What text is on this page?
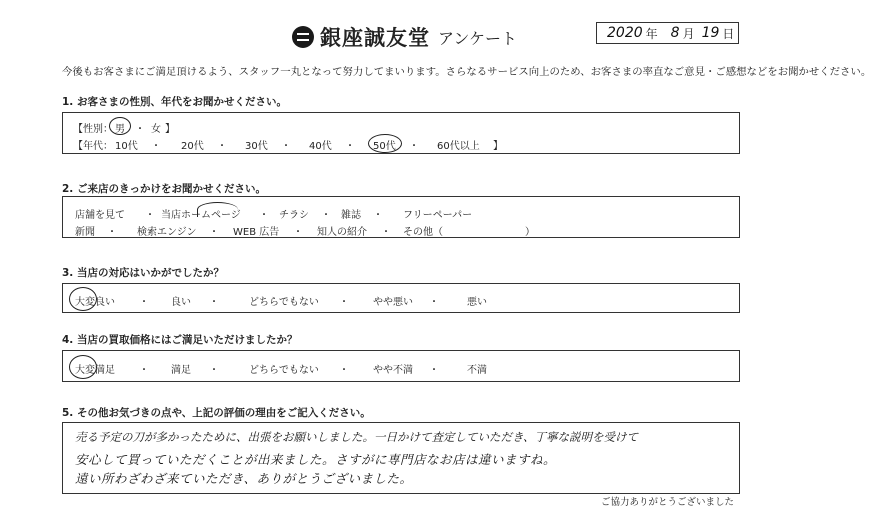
銀座誠友堂 アンケート	2020 年 8 月 19 日
今後もお客さまにご満足頂けるよう、スタッフ一丸となって努力してまいります。さらなるサービス向上のため、お客さまの率直なご意見・ご感想などをお聞かせください。
1. お客さまの性別、年代をお聞かせください。
【性別： 男 ・ 女 】
【年代： 10代 ・ 20代 ・ 30代 ・ 40代 ・ 50代 ・ 60代以上 】
2. ご来店のきっかけをお聞かせください。
店舗を見て ・ 当店ホームページ ・ チラシ ・ 雑誌 ・ フリーペーパー
新聞 ・ 検索エンジン ・ WEB 広告 ・ 知人の紹介 ・ その他（	）
3. 当店の対応はいかがでしたか？
大変良い ・ 良い ・	どちらでもない ・ やや悪い ・	悪い
4. 当店の買取価格にはご満足いただけましたか？
大変満足 ・ 満足 ・	どちらでもない ・ やや不満 ・	不満
5. その他お気づきの点や、上記の評価の理由をご記入ください。
売る予定の刀が多かったために、出張をお願いしました。一日かけて査定していただき、丁寧な説明を受けて
安心して買っていただくことが出来ました。さすがに専門店なお店は違いますね。
遠い所わざわざ来ていただき、ありがとうございました。
ご協力ありがとうございました
